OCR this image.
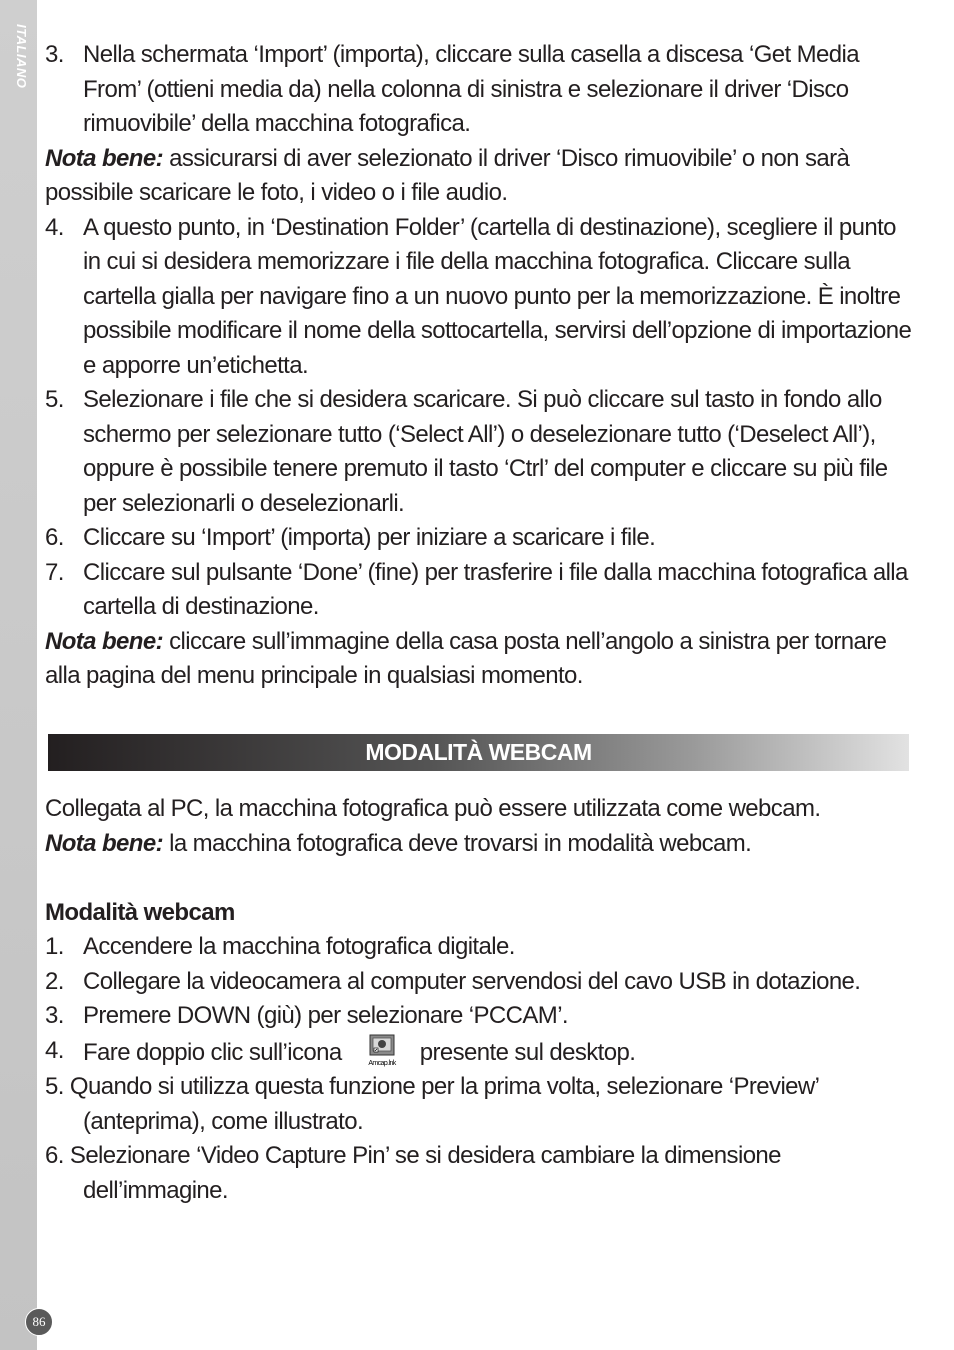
ITALIANO
86
3. Nella schermata ‘Import’ (importa), cliccare sulla casella a discesa ‘Get Media From’ (ottieni media da) nella colonna di sinistra e selezionare il driver ‘Disco rimuovibile’ della macchina fotografica.
Nota bene: assicurarsi di aver selezionato il driver ‘Disco rimuovibile’ o non sarà possibile scaricare le foto, i video o i file audio.
4. A questo punto, in ‘Destination Folder’ (cartella di destinazione), scegliere il punto in cui si desidera memorizzare i file della macchina fotografica. Cliccare sulla cartella gialla per navigare fino a un nuovo punto per la memorizzazione. È inoltre possibile modificare il nome della sottocartella, servirsi dell’opzione di importazione e apporre un’etichetta.
5. Selezionare i file che si desidera scaricare. Si può cliccare sul tasto in fondo allo schermo per selezionare tutto (‘Select All’) o deselezionare tutto (‘Deselect All’), oppure è possibile tenere premuto il tasto ‘Ctrl’ del computer e cliccare su più file per selezionarli o deselezionarli.
6. Cliccare su ‘Import’ (importa) per iniziare a scaricare i file.
7. Cliccare sul pulsante ‘Done’ (fine) per trasferire i file dalla macchina fotografica alla cartella di destinazione.
Nota bene: cliccare sull’immagine della casa posta nell’angolo a sinistra per tornare alla pagina del menu principale in qualsiasi momento.
MODALITÀ WEBCAM
Collegata al PC, la macchina fotografica può essere utilizzata come webcam.
Nota bene: la macchina fotografica deve trovarsi in modalità webcam.
Modalità webcam
1. Accendere la macchina fotografica digitale.
2. Collegare la videocamera al computer servendosi del cavo USB in dotazione.
3. Premere DOWN (giù) per selezionare ‘PCCAM’.
4. Fare doppio clic sull’icona	Amcap.lnk presente sul desktop.
5. Quando si utilizza questa funzione per la prima volta, selezionare ‘Preview’ (anteprima), come illustrato.
6. Selezionare ‘Video Capture Pin’ se si desidera cambiare la dimensione dell’immagine.
